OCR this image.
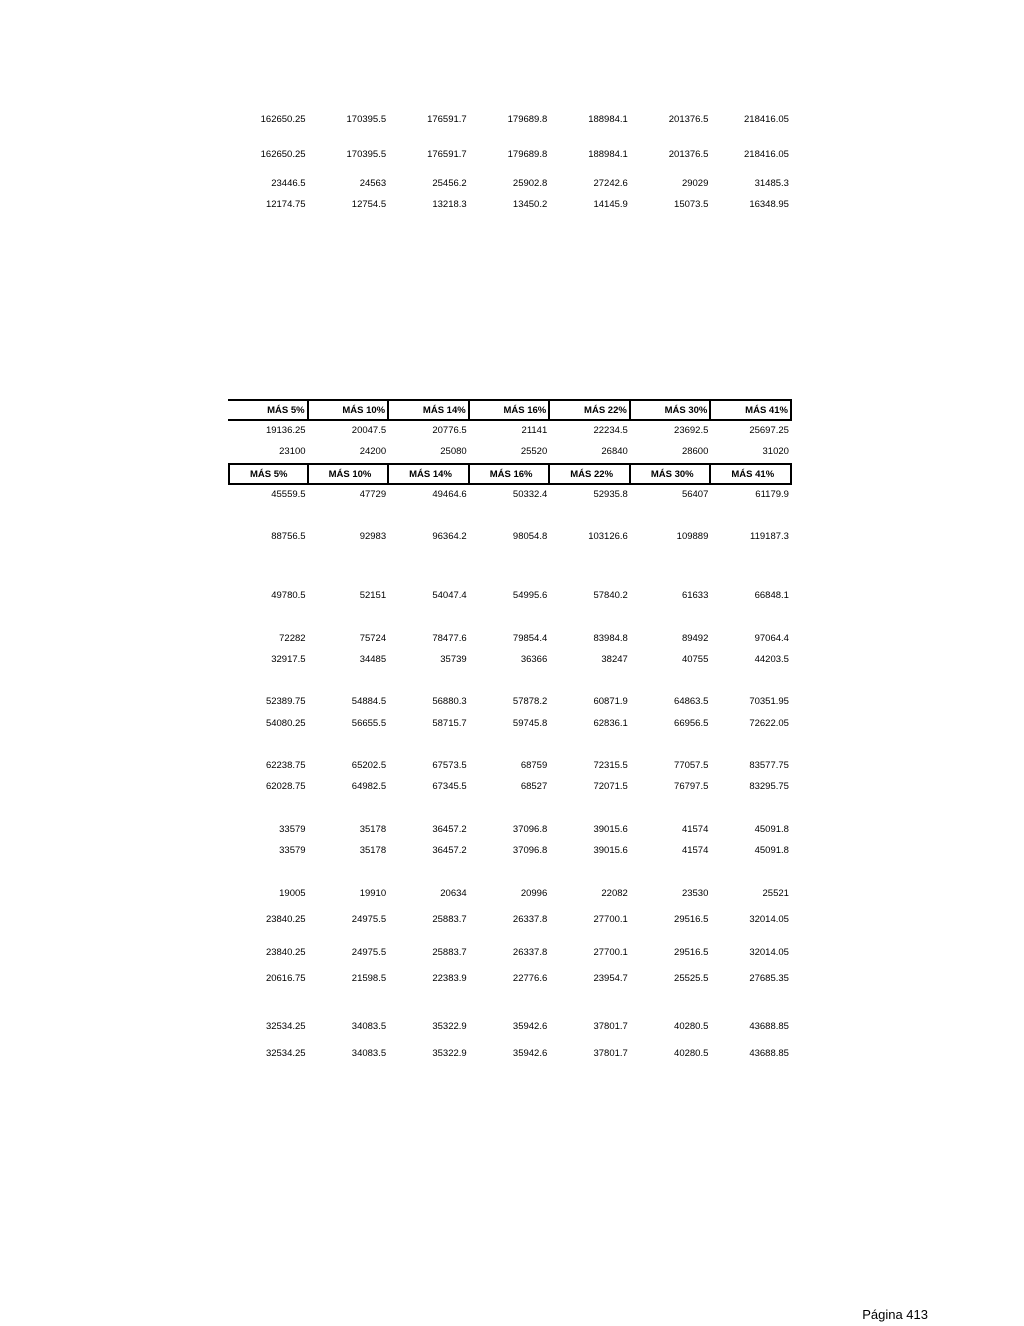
162650.25	170395.5	176591.7	179689.8	188984.1	201376.5	218416.05
162650.25	170395.5	176591.7	179689.8	188984.1	201376.5	218416.05
23446.5	24563	25456.2	25902.8	27242.6	29029	31485.3
12174.75	12754.5	13218.3	13450.2	14145.9	15073.5	16348.95
MÁS 5%	MÁS 10%	MÁS 14%	MÁS 16%	MÁS 22%	MÁS 30%	MÁS 41%
19136.25	20047.5	20776.5	21141	22234.5	23692.5	25697.25
23100	24200	25080	25520	26840	28600	31020
MÁS 5%	MÁS 10%	MÁS 14%	MÁS 16%	MÁS 22%	MÁS 30%	MÁS 41%
45559.5	47729	49464.6	50332.4	52935.8	56407	61179.9
88756.5	92983	96364.2	98054.8	103126.6	109889	119187.3
49780.5	52151	54047.4	54995.6	57840.2	61633	66848.1
72282	75724	78477.6	79854.4	83984.8	89492	97064.4
32917.5	34485	35739	36366	38247	40755	44203.5
52389.75	54884.5	56880.3	57878.2	60871.9	64863.5	70351.95
54080.25	56655.5	58715.7	59745.8	62836.1	66956.5	72622.05
62238.75	65202.5	67573.5	68759	72315.5	77057.5	83577.75
62028.75	64982.5	67345.5	68527	72071.5	76797.5	83295.75
33579	35178	36457.2	37096.8	39015.6	41574	45091.8
33579	35178	36457.2	37096.8	39015.6	41574	45091.8
19005	19910	20634	20996	22082	23530	25521
23840.25	24975.5	25883.7	26337.8	27700.1	29516.5	32014.05
23840.25	24975.5	25883.7	26337.8	27700.1	29516.5	32014.05
20616.75	21598.5	22383.9	22776.6	23954.7	25525.5	27685.35
32534.25	34083.5	35322.9	35942.6	37801.7	40280.5	43688.85
32534.25	34083.5	35322.9	35942.6	37801.7	40280.5	43688.85
Página 413
